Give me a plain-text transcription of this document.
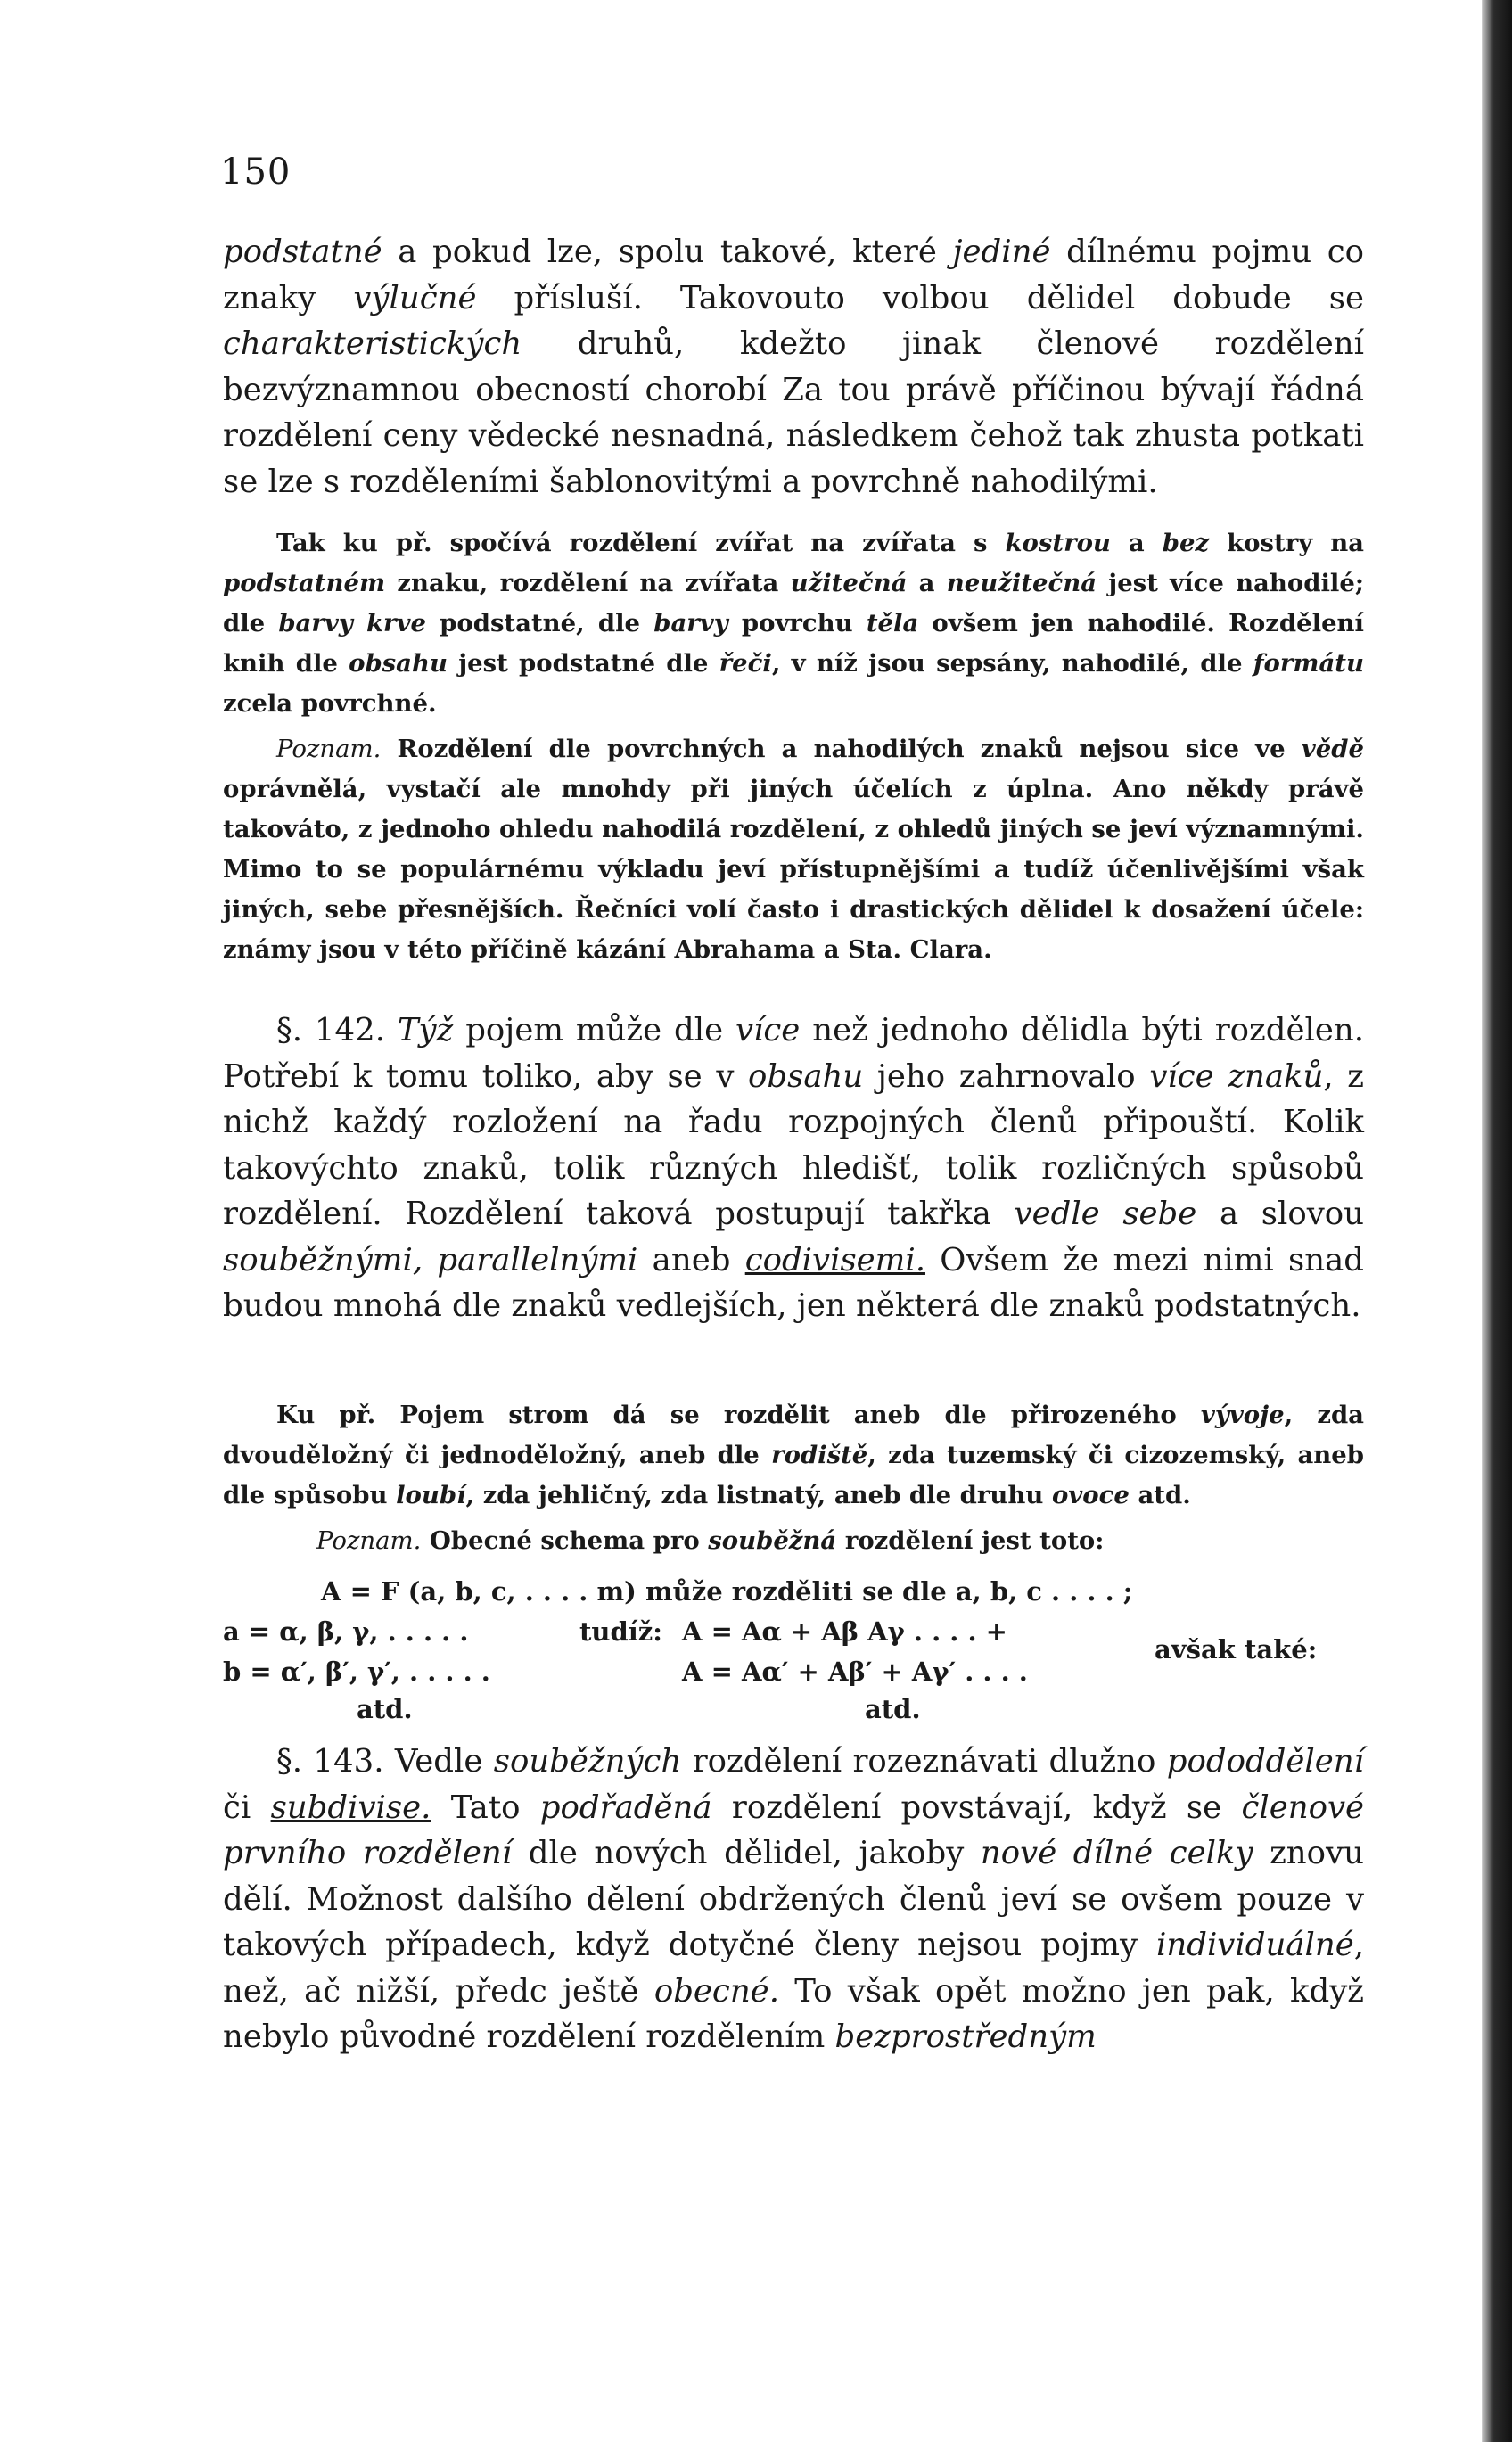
150
podstatné a pokud lze, spolu takové, které jediné dílnému pojmu co znaky výlučné přísluší. Takovouto volbou dělidel dobude se charakteristických druhů, kdežto jinak členové rozdělení bezvýznamnou obecností chorobí Za tou právě příčinou bývají řádná rozdělení ceny vědecké nesnadná, následkem čehož tak zhusta potkati se lze s rozděleními šablonovitými a povrchně nahodilými.
Tak ku př. spočívá rozdělení zvířat na zvířata s kostrou a bez kostry na podstatném znaku, rozdělení na zvířata užitečná a neužitečná jest více nahodilé; dle barvy krve podstatné, dle barvy povrchu těla ovšem jen nahodilé. Rozdělení knih dle obsahu jest podstatné dle řeči, v níž jsou sepsány, nahodilé, dle formátu zcela povrchné.
Poznam. Rozdělení dle povrchných a nahodilých znaků nejsou sice ve vědě oprávnělá, vystačí ale mnohdy při jiných účelích z úplna. Ano někdy právě takováto, z jednoho ohledu nahodilá rozdělení, z ohledů jiných se jeví významnými. Mimo to se populárnému výkladu jeví přístupnějšími a tudíž účenlivějšími však jiných, sebe přesnějších. Řečníci volí často i drastických dělidel k dosažení účele: známy jsou v této příčině kázání Abrahama a Sta. Clara.
§. 142. Týž pojem může dle více než jednoho dělidla býti rozdělen. Potřebí k tomu toliko, aby se v obsahu jeho zahrnovalo více znaků, z nichž každý rozložení na řadu rozpojných členů připouští. Kolik takovýchto znaků, tolik různých hledišť, tolik rozličných spůsobů rozdělení. Rozdělení taková postupují takřka vedle sebe a slovou souběžnými, parallelnými aneb codivisemi. Ovšem že mezi nimi snad budou mnohá dle znaků vedlejších, jen některá dle znaků podstatných.
Ku př. Pojem strom dá se rozdělit aneb dle přirozeného vývoje, zda dvouděložný či jednoděložný, aneb dle rodiště, zda tuzemský či cizozemský, aneb dle spůsobu loubí, zda jehličný, zda listnatý, aneb dle druhu ovoce atd.
Poznam. Obecné schema pro souběžná rozdělení jest toto:
A = F (a, b, c, . . . . m) může rozděliti se dle a, b, c . . . . ;
a = α, β, γ, . . . . .	tudíž: A = Aα + Aβ Aγ . . . . +
avšak také:
b = α′, β′, γ′, . . . . .	A = Aα′ + Aβ′ + Aγ′ . . . .
atd.	atd.
§. 143. Vedle souběžných rozdělení rozeznávati dlužno pododdělení či subdivise. Tato podřaděná rozdělení povstávají, když se členové prvního rozdělení dle nových dělidel, jakoby nové dílné celky znovu dělí. Možnost dalšího dělení obdržených členů jeví se ovšem pouze v takových případech, když dotyčné členy nejsou pojmy individuálné, než, ač nižší, předc ještě obecné. To však opět možno jen pak, když nebylo původné rozdělení rozdělením bezprostředným
